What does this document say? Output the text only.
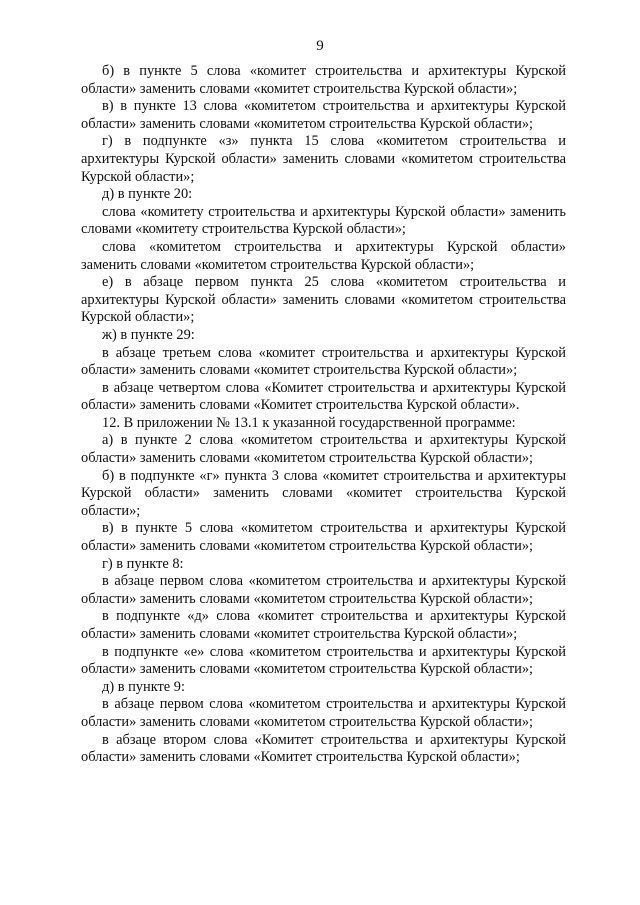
9

б) в пункте 5 слова «комитет строительства и архитектуры Курской области» заменить словами «комитет строительства Курской области»;

в) в пункте 13 слова «комитетом строительства и архитектуры Курской области» заменить словами «комитетом строительства Курской области»;

г) в подпункте «з» пункта 15 слова «комитетом строительства и архитектуры Курской области» заменить словами «комитетом строительства Курской области»;

д) в пункте 20:

слова «комитету строительства и архитектуры Курской области» заменить словами «комитету строительства Курской области»;

слова «комитетом строительства и архитектуры Курской области» заменить словами «комитетом строительства Курской области»;

е) в абзаце первом пункта 25 слова «комитетом строительства и архитектуры Курской области» заменить словами «комитетом строительства Курской области»;

ж) в пункте 29:

в абзаце третьем слова «комитет строительства и архитектуры Курской области» заменить словами «комитет строительства Курской области»;

в абзаце четвертом слова «Комитет строительства и архитектуры Курской области» заменить словами «Комитет строительства Курской области».

12. В приложении № 13.1 к указанной государственной программе:

а) в пункте 2 слова «комитетом строительства и архитектуры Курской области» заменить словами «комитетом строительства Курской области»;

б) в подпункте «г» пункта 3 слова «комитет строительства и архитектуры Курской области» заменить словами «комитет строительства Курской области»;

в) в пункте 5 слова «комитетом строительства и архитектуры Курской области» заменить словами «комитетом строительства Курской области»;

г) в пункте 8:

в абзаце первом слова «комитетом строительства и архитектуры Курской области» заменить словами «комитетом строительства Курской области»;

в подпункте «д» слова «комитет строительства и архитектуры Курской области» заменить словами «комитет строительства Курской области»;

в подпункте «е» слова «комитетом строительства и архитектуры Курской области» заменить словами «комитетом строительства Курской области»;

д) в пункте 9:

в абзаце первом слова «комитетом строительства и архитектуры Курской области» заменить словами «комитетом строительства Курской области»;

в абзаце втором слова «Комитет строительства и архитектуры Курской области» заменить словами «Комитет строительства Курской области»;
